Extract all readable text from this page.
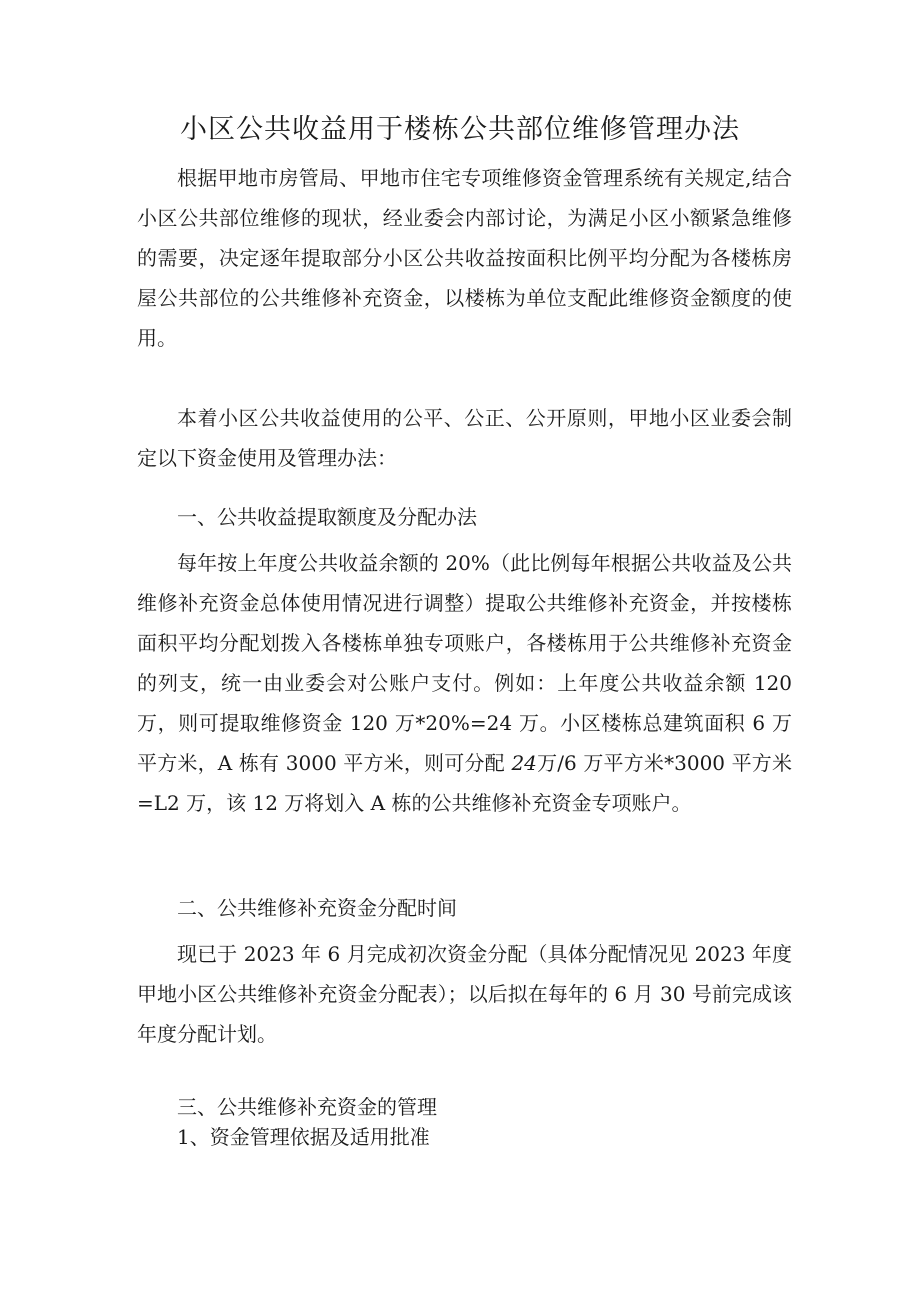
小区公共收益用于楼栋公共部位维修管理办法

根据甲地市房管局、甲地市住宅专项维修资金管理系统有关规定,结合小区公共部位维修的现状，经业委会内部讨论，为满足小区小额紧急维修的需要，决定逐年提取部分小区公共收益按面积比例平均分配为各楼栋房屋公共部位的公共维修补充资金，以楼栋为单位支配此维修资金额度的使用。

本着小区公共收益使用的公平、公正、公开原则，甲地小区业委会制定以下资金使用及管理办法：

一、公共收益提取额度及分配办法

每年按上年度公共收益余额的 20%（此比例每年根据公共收益及公共维修补充资金总体使用情况进行调整）提取公共维修补充资金，并按楼栋面积平均分配划拨入各楼栋单独专项账户，各楼栋用于公共维修补充资金的列支，统一由业委会对公账户支付。例如：上年度公共收益余额 120 万，则可提取维修资金 120 万*20%=24 万。小区楼栋总建筑面积 6 万平方米，A 栋有 3000 平方米，则可分配 24万/6 万平方米*3000 平方米=L2 万，该 12 万将划入 A 栋的公共维修补充资金专项账户。

二、公共维修补充资金分配时间

现已于 2023 年 6 月完成初次资金分配（具体分配情况见 2023 年度甲地小区公共维修补充资金分配表）；以后拟在每年的 6 月 30 号前完成该年度分配计划。

三、公共维修补充资金的管理

1、资金管理依据及适用批准
